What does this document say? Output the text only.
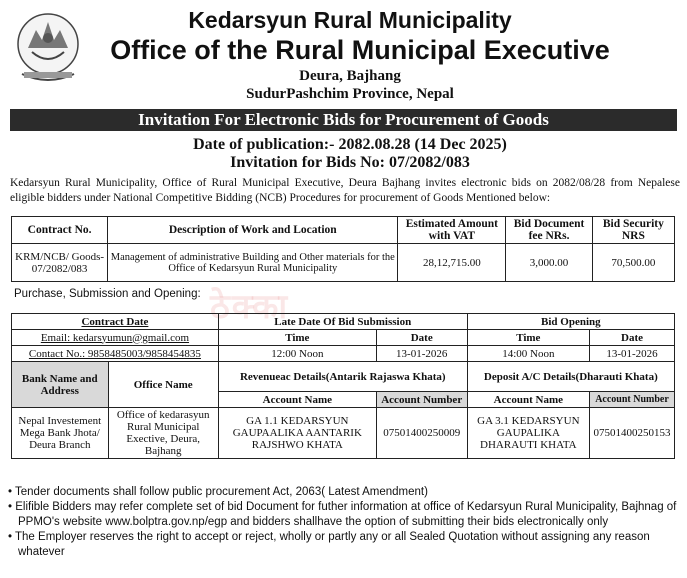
Kedarsyun Rural Municipality
Office of the Rural Municipal Executive
Deura, Bajhang
SudurPashchim Province, Nepal
Invitation For Electronic Bids for Procurement of Goods
Date of publication:- 2082.08.28 (14 Dec 2025)
Invitation for Bids No: 07/2082/083
Kedarsyun Rural Municipality, Office of Rural Municipal Executive, Deura Bajhang invites electronic bids on 2082/08/28 from Nepalese eligible bidders under National Competitive Bidding (NCB) Procedures for procurement of Goods Mentioned below:
Contract No.	Description of Work and Location	Estimated Amount with VAT	Bid Document fee NRs.	Bid Security NRS
KRM/NCB/ Goods-07/2082/083	Management of administrative Building and Other materials for the Office of Kedarsyun Rural Municipality	28,12,715.00	3,000.00	70,500.00
Purchase, Submission and Opening: ठेक्का
Contract Date		Late Date Of Bid Submission		Bid Opening	
Email: kedarsyumun@gmail.com		Time	Date	Time	Date
Contact No.: 9858485003/9858454835		12:00 Noon	13-01-2026	14:00 Noon	13-01-2026
Bank Name and Address	Office Name	Revenueac Details(Antarik Rajaswa Khata)		Deposit A/C Details(Dharauti Khata)	
		Account Name	Account Number	Account Name	Account Number
Nepal Investement Mega Bank Jhota/ Deura Branch	Office of kedarasyun Rural Municipal Exective, Deura, Bajhang	GA 1.1 KEDARSYUN GAUPAALIKA AANTARIK RAJSHWO KHATA	07501400250009	GA 3.1 KEDARSYUN GAUPALIKA DHARAUTI KHATA	07501400250153
• Tender documents shall follow public procurement Act, 2063( Latest Amendment)
• Elifible Bidders may refer complete set of bid Document for futher information at office of Kedarsyun Rural Municipality, Bajhnag of PPMO's website www.bolptra.gov.np/egp and bidders shallhave the option of submitting their bids electronically only
• The Employer reserves the right to accept or reject, wholly or partly any or all Sealed Quotation without assigning any reason whatever
